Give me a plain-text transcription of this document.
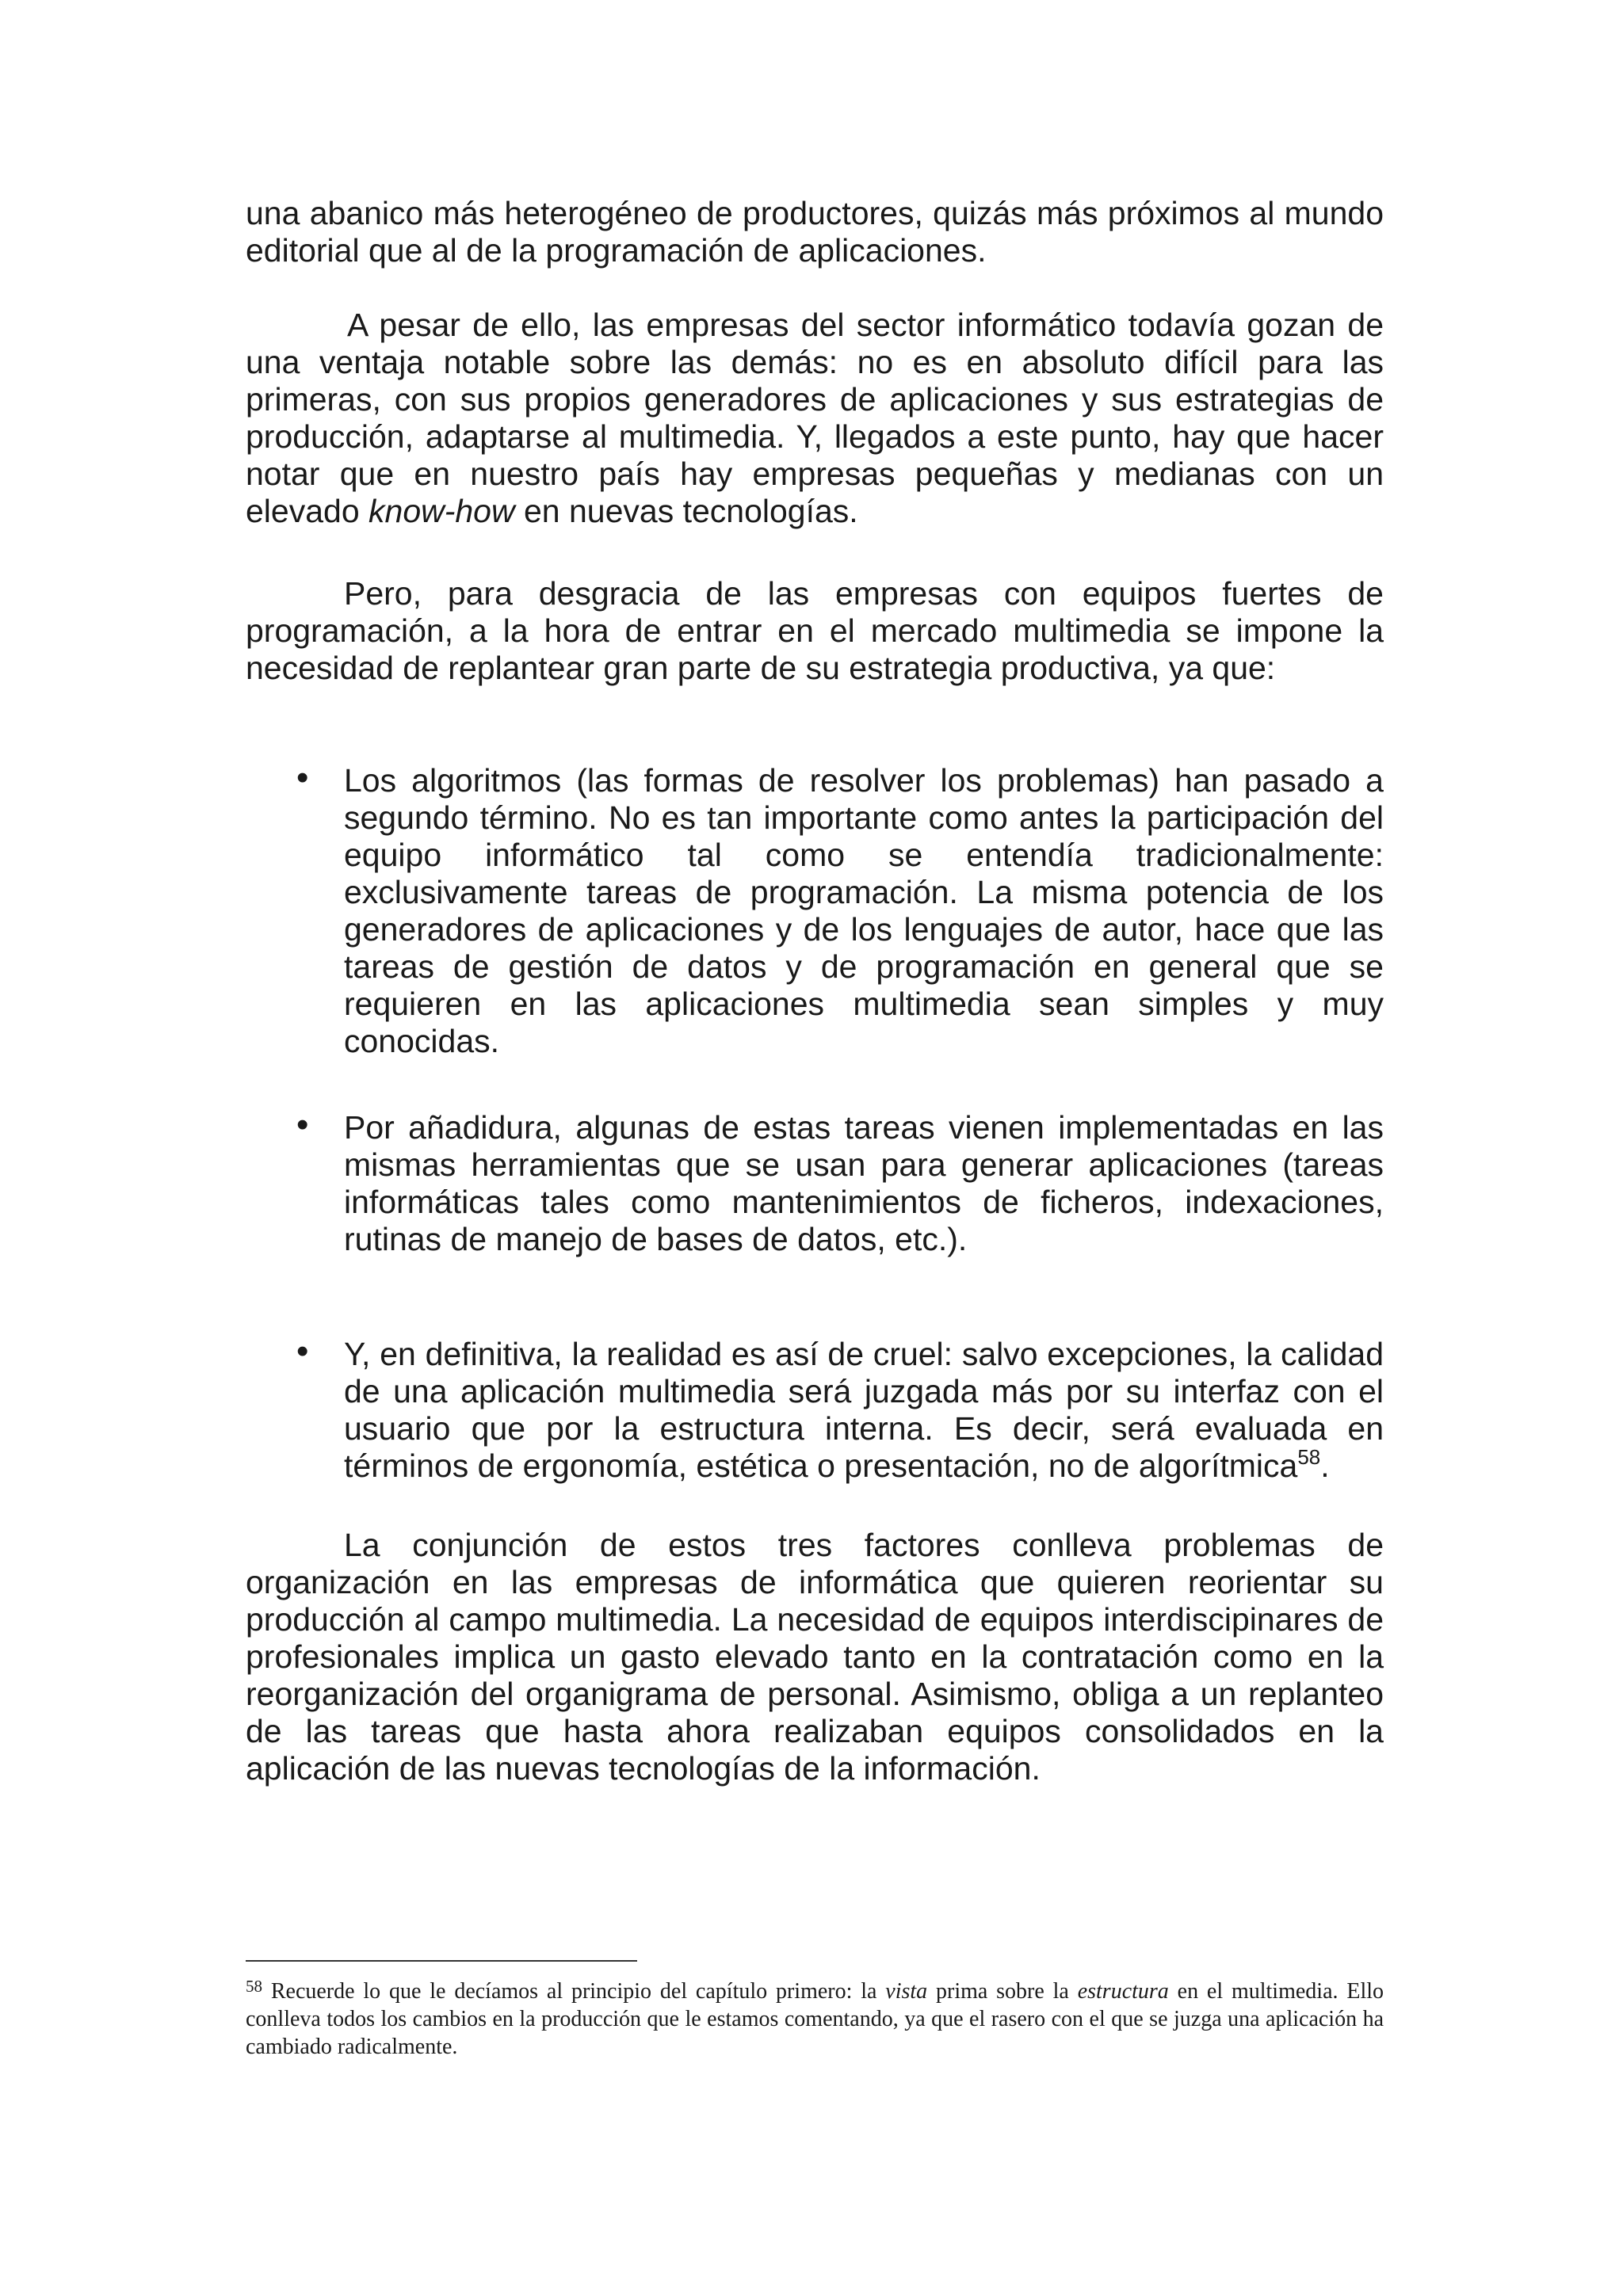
una abanico más heterogéneo de productores, quizás más próximos al mundo editorial que al de la programación de aplicaciones.

A pesar de ello, las empresas del sector informático todavía gozan de una ventaja notable sobre las demás: no es en absoluto difícil para las primeras, con sus propios generadores de aplicaciones y sus estrategias de producción, adaptarse al multimedia. Y, llegados a este punto, hay que hacer notar que en nuestro país hay empresas pequeñas y medianas con un elevado know-how en nuevas tecnologías.

Pero, para desgracia de las empresas con equipos fuertes de programación, a la hora de entrar en el mercado multimedia se impone la necesidad de replantear gran parte de su estrategia productiva, ya que:

• Los algoritmos (las formas de resolver los problemas) han pasado a segundo término. No es tan importante como antes la participación del equipo informático tal como se entendía tradicionalmente: exclusivamente tareas de programación. La misma potencia de los generadores de aplicaciones y de los lenguajes de autor, hace que las tareas de gestión de datos y de programación en general que se requieren en las aplicaciones multimedia sean simples y muy conocidas.
• Por añadidura, algunas de estas tareas vienen implementadas en las mismas herramientas que se usan para generar aplicaciones (tareas informáticas tales como mantenimientos de ficheros, indexaciones, rutinas de manejo de bases de datos, etc.).
• Y, en definitiva, la realidad es así de cruel: salvo excepciones, la calidad de una aplicación multimedia será juzgada más por su interfaz con el usuario que por la estructura interna. Es decir, será evaluada en términos de ergonomía, estética o presentación, no de algorítmica$^{58}$.

La conjunción de estos tres factores conlleva problemas de organización en las empresas de informática que quieren reorientar su producción al campo multimedia. La necesidad de equipos interdiscipinares de profesionales implica un gasto elevado tanto en la contratación como en la reorganización del organigrama de personal. Asimismo, obliga a un replanteo de las tareas que hasta ahora realizaban equipos consolidados en la aplicación de las nuevas tecnologías de la información.

$^{58}$ Recuerde lo que le decíamos al principio del capítulo primero: la vista prima sobre la estructura en el multimedia. Ello conlleva todos los cambios en la producción que le estamos comentando, ya que el rasero con el que se juzga una aplicación ha cambiado radicalmente.
